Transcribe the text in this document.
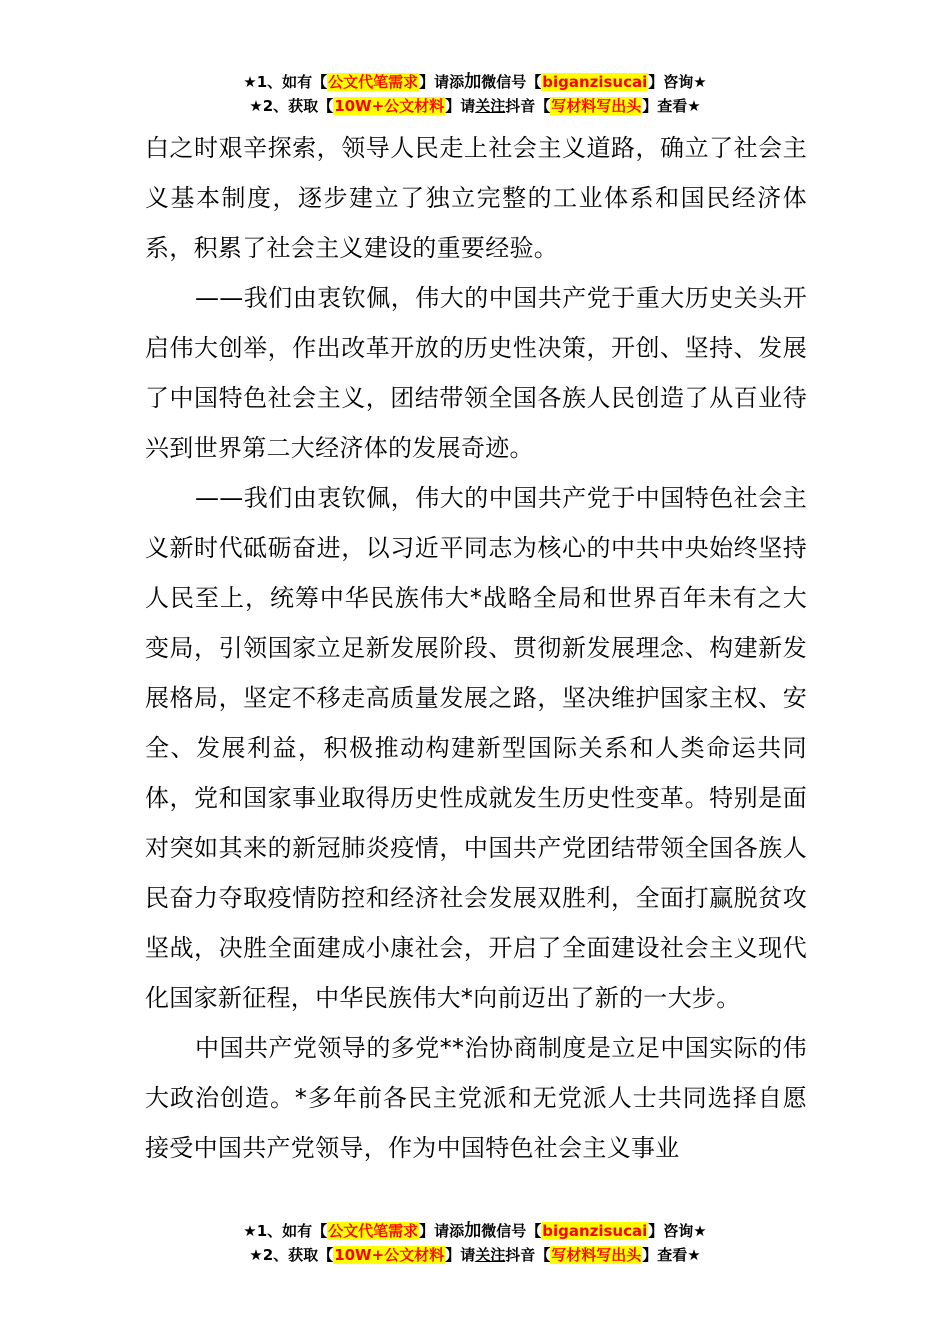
★1、如有【公文代笔需求】请添加微信号【biganzisucai】咨询★
★2、获取【10W+公文材料】请关注抖音【写材料写出头】查看★

白之时艰辛探索，领导人民走上社会主义道路，确立了社会主义基本制度，逐步建立了独立完整的工业体系和国民经济体系，积累了社会主义建设的重要经验。

——我们由衷钦佩，伟大的中国共产党于重大历史关头开启伟大创举，作出改革开放的历史性决策，开创、坚持、发展了中国特色社会主义，团结带领全国各族人民创造了从百业待兴到世界第二大经济体的发展奇迹。

——我们由衷钦佩，伟大的中国共产党于中国特色社会主义新时代砥砺奋进，以习近平同志为核心的中共中央始终坚持人民至上，统筹中华民族伟大*战略全局和世界百年未有之大变局，引领国家立足新发展阶段、贯彻新发展理念、构建新发展格局，坚定不移走高质量发展之路，坚决维护国家主权、安全、发展利益，积极推动构建新型国际关系和人类命运共同体，党和国家事业取得历史性成就发生历史性变革。特别是面对突如其来的新冠肺炎疫情，中国共产党团结带领全国各族人民奋力夺取疫情防控和经济社会发展双胜利，全面打赢脱贫攻坚战，决胜全面建成小康社会，开启了全面建设社会主义现代化国家新征程，中华民族伟大*向前迈出了新的一大步。

中国共产党领导的多党**治协商制度是立足中国实际的伟大政治创造。*多年前各民主党派和无党派人士共同选择自愿接受中国共产党领导，作为中国特色社会主义事业

★1、如有【公文代笔需求】请添加微信号【biganzisucai】咨询★
★2、获取【10W+公文材料】请关注抖音【写材料写出头】查看★
